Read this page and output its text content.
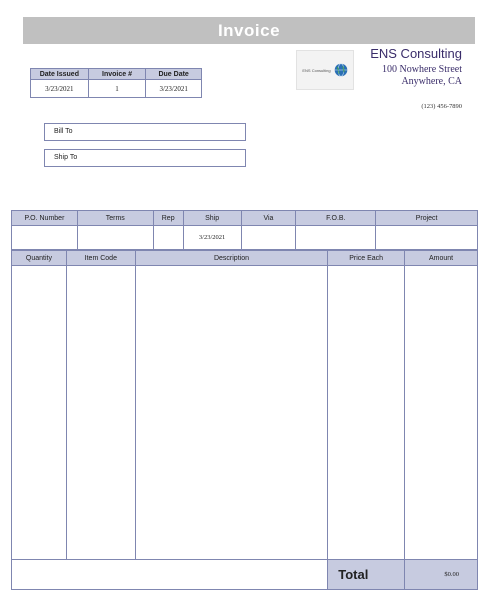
Invoice
Date Issued	Invoice #	Due Date
3/23/2021	1	3/23/2021
ENS Consulting
ENS Consulting
100 Nowhere Street
Anywhere, CA
(123) 456-7890
Bill To
Ship To
P.O. Number	Terms	Rep	Ship	Via	F.O.B.	Project
			3/23/2021			
Quantity	Item Code	Description	Price Each	Amount

			Total	$0.00
